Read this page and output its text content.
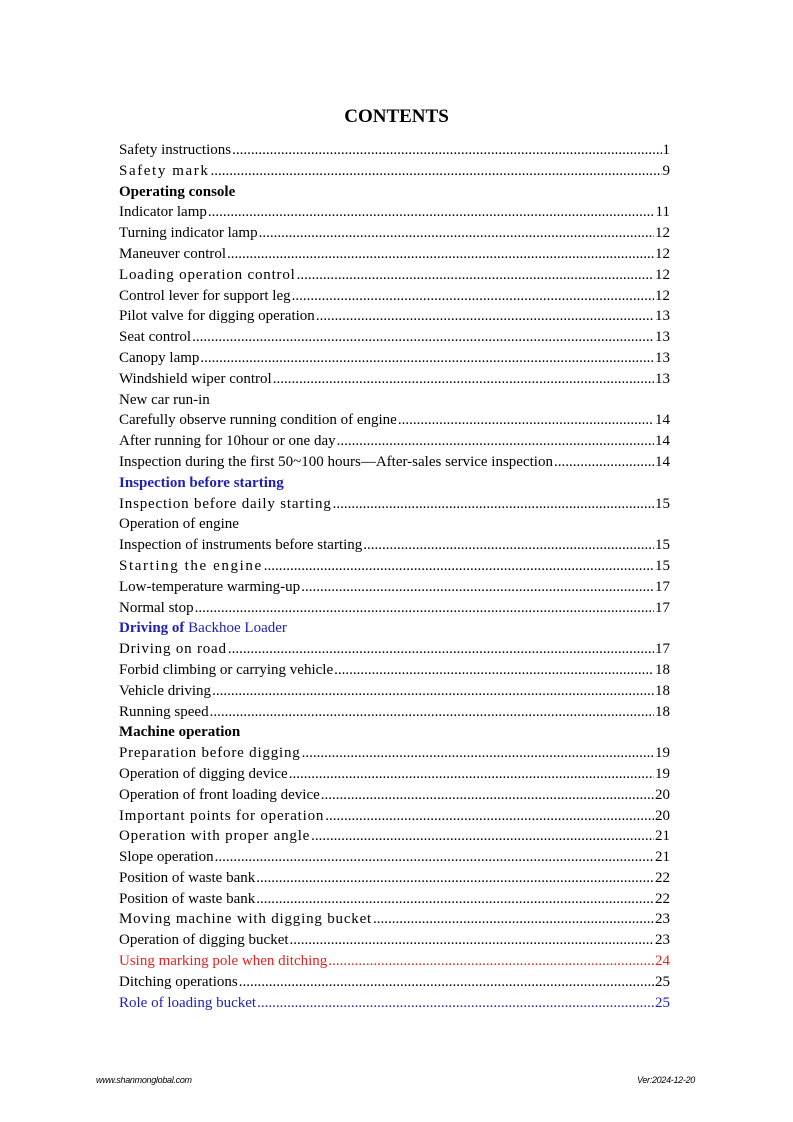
CONTENTS
Safety instructions .....	1
Safety mark .....	9
Operating console
Indicator lamp .....	11
Turning indicator lamp .....	12
Maneuver control .....	12
Loading operation control .....	12
Control lever for support leg .....	12
Pilot valve for digging operation .....	13
Seat control .....	13
Canopy lamp .....	13
Windshield wiper control .....	13
New car run-in
Carefully observe running condition of engine .....	14
After running for 10hour or one day .....	14
Inspection during the first 50~100 hours—After-sales service inspection .....	14
Inspection before starting
Inspection before daily starting .....	15
Operation of engine
Inspection of instruments before starting .....	15
Starting the engine .....	15
Low-temperature warming-up .....	17
Normal stop .....	17
Driving of Backhoe Loader
Driving on road .....	17
Forbid climbing or carrying vehicle .....	18
Vehicle driving .....	18
Running speed .....	18
Machine operation
Preparation before digging .....	19
Operation of digging device .....	19
Operation of front loading device .....	20
Important points for operation .....	20
Operation with proper angle .....	21
Slope operation .....	21
Position of waste bank .....	22
Position of waste bank .....	22
Moving machine with digging bucket .....	23
Operation of digging bucket .....	23
Using marking pole when ditching .....	24
Ditching operations .....	25
Role of loading bucket .....	25
www.shanmonglobal.com	Ver:2024-12-20
